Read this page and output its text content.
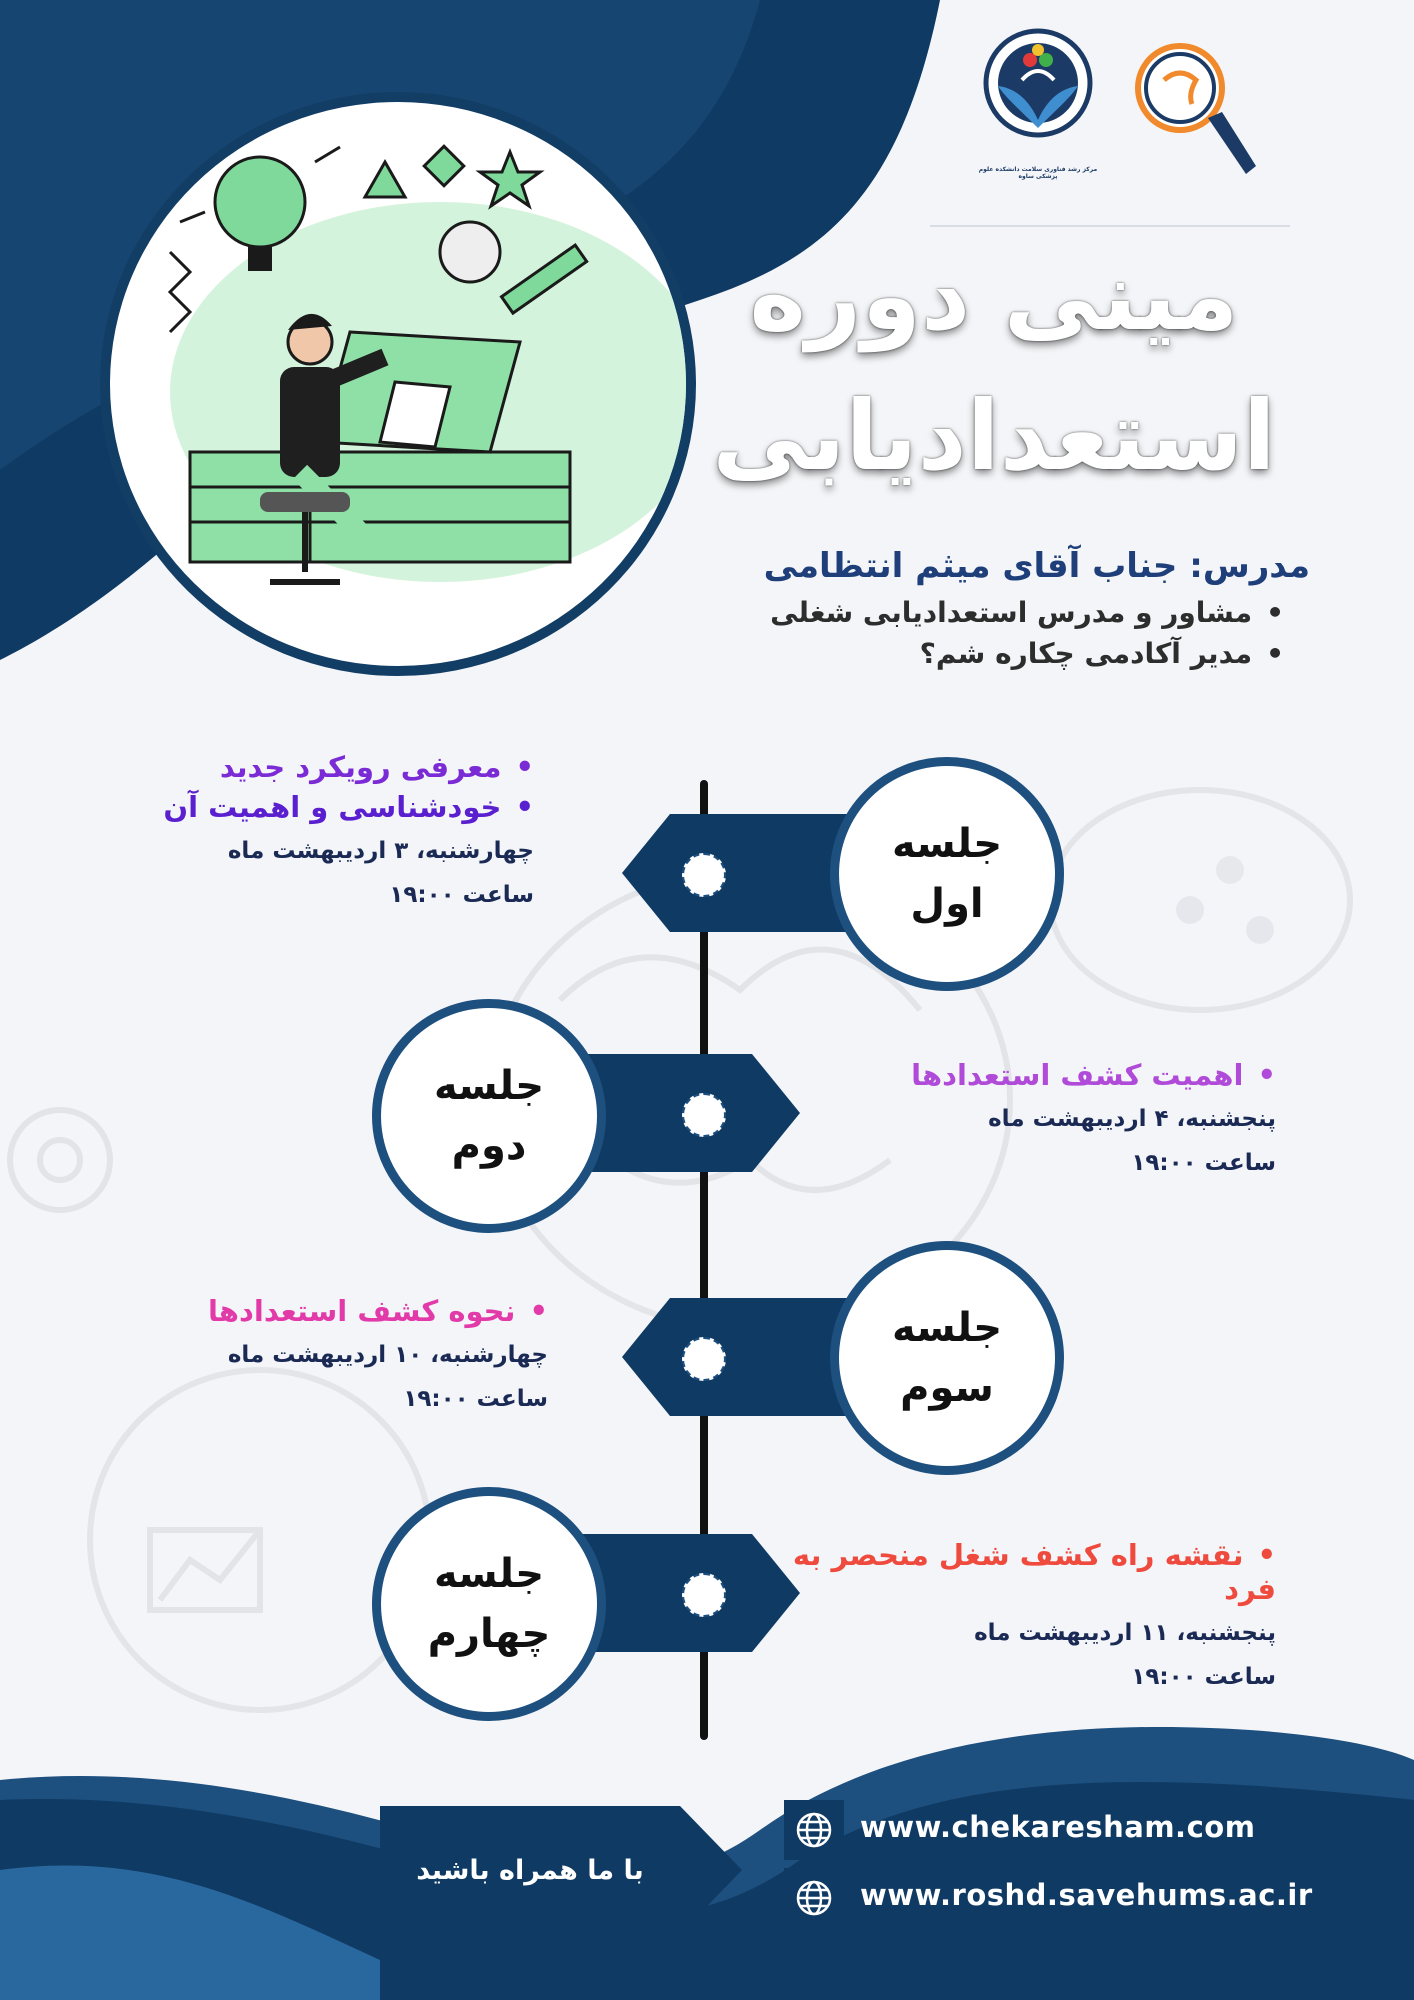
مرکز رشد فناوری سلامت دانشکده علوم پزشکی ساوه
مینی دوره
استعدادیابی
مدرس: جناب آقای میثم انتظامی
• مشاور و مدرس استعدادیابی شغلی
• مدیر آکادمی چکاره شم؟
جلسه
اول
• معرفی رویکرد جدید
• خودشناسی و اهمیت آن
چهارشنبه، ۳ اردیبهشت ماه
ساعت ۱۹:۰۰
جلسه
دوم
• اهمیت کشف استعدادها
پنجشنبه، ۴ اردیبهشت ماه
ساعت ۱۹:۰۰
جلسه
سوم
• نحوه کشف استعدادها
چهارشنبه، ۱۰ اردیبهشت ماه
ساعت ۱۹:۰۰
جلسه
چهارم
• نقشه راه کشف شغل منحصر به فرد
پنجشنبه، ۱۱ اردیبهشت ماه
ساعت ۱۹:۰۰
با ما همراه باشید
www.chekaresham.com
www.roshd.savehums.ac.ir
